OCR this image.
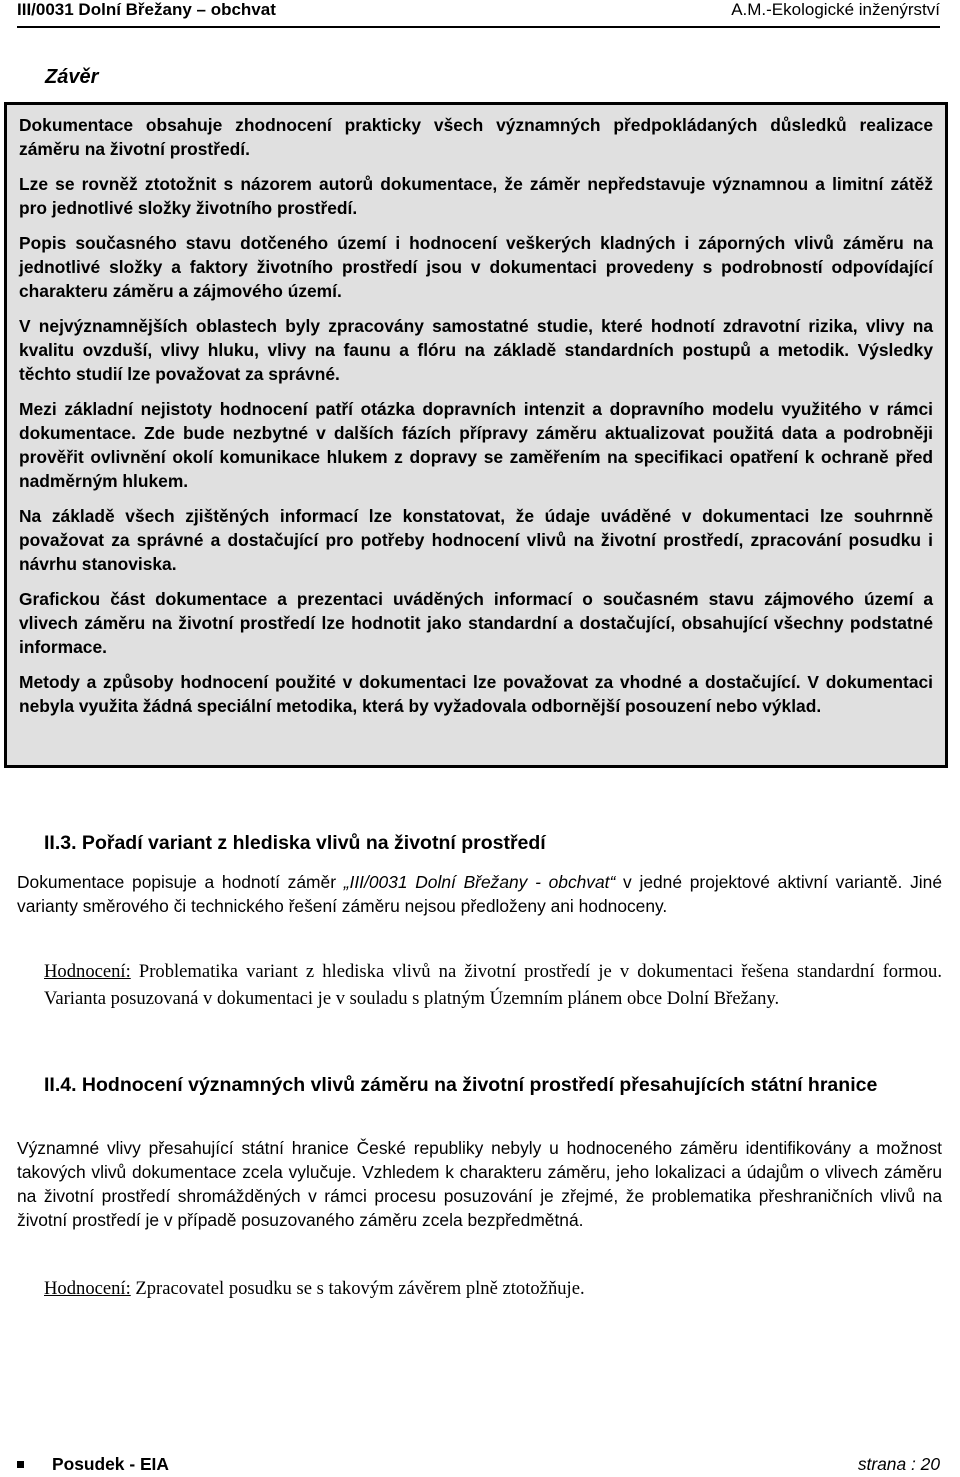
III/0031 Dolní Břežany – obchvat	A.M.-Ekologické inženýrství
Závěr

Dokumentace obsahuje zhodnocení prakticky všech významných předpokládaných důsledků realizace záměru na životní prostředí.

Lze se rovněž ztotožnit s názorem autorů dokumentace, že záměr nepředstavuje významnou a limitní zátěž pro jednotlivé složky životního prostředí.

Popis současného stavu dotčeného území i hodnocení veškerých kladných i záporných vlivů záměru na jednotlivé složky a faktory životního prostředí jsou v dokumentaci provedeny s podrobností odpovídající charakteru záměru a zájmového území.

V nejvýznamnějších oblastech byly zpracovány samostatné studie, které hodnotí zdravotní rizika, vlivy na kvalitu ovzduší, vlivy hluku, vlivy na faunu a flóru na základě standardních postupů a metodik. Výsledky těchto studií lze považovat za správné.

Mezi základní nejistoty hodnocení patří otázka dopravních intenzit a dopravního modelu využitého v rámci dokumentace. Zde bude nezbytné v dalších fázích přípravy záměru aktualizovat použitá data a podrobněji prověřit ovlivnění okolí komunikace hlukem z dopravy se zaměřením na specifikaci opatření k ochraně před nadměrným hlukem.

Na základě všech zjištěných informací lze konstatovat, že údaje uváděné v dokumentaci lze souhrnně považovat za správné a dostačující pro potřeby hodnocení vlivů na životní prostředí, zpracování posudku i návrhu stanoviska.

Grafickou část dokumentace a prezentaci uváděných informací o současném stavu zájmového území a vlivech záměru na životní prostředí lze hodnotit jako standardní a dostačující, obsahující všechny podstatné informace.

Metody a způsoby hodnocení použité v dokumentaci lze považovat za vhodné a dostačující. V dokumentaci nebyla využita žádná speciální metodika, která by vyžadovala odbornější posouzení nebo výklad.

II.3. Pořadí variant z hlediska vlivů na životní prostředí

Dokumentace popisuje a hodnotí záměr „III/0031 Dolní Břežany - obchvat“ v jedné projektové aktivní variantě. Jiné varianty směrového či technického řešení záměru nejsou předloženy ani hodnoceny.

Hodnocení: Problematika variant z hlediska vlivů na životní prostředí je v dokumentaci řešena standardní formou. Varianta posuzovaná v dokumentaci je v souladu s platným Územním plánem obce Dolní Břežany.

II.4. Hodnocení významných vlivů záměru na životní prostředí přesahujících státní hranice

Významné vlivy přesahující státní hranice České republiky nebyly u hodnoceného záměru identifikovány a možnost takových vlivů dokumentace zcela vylučuje. Vzhledem k charakteru záměru, jeho lokalizaci a údajům o vlivech záměru na životní prostředí shromážděných v rámci procesu posuzování je zřejmé, že problematika přeshraničních vlivů na životní prostředí je v případě posuzovaného záměru zcela bezpředmětná.

Hodnocení: Zpracovatel posudku se s takovým závěrem plně ztotožňuje.

Posudek - EIA	strana : 20
